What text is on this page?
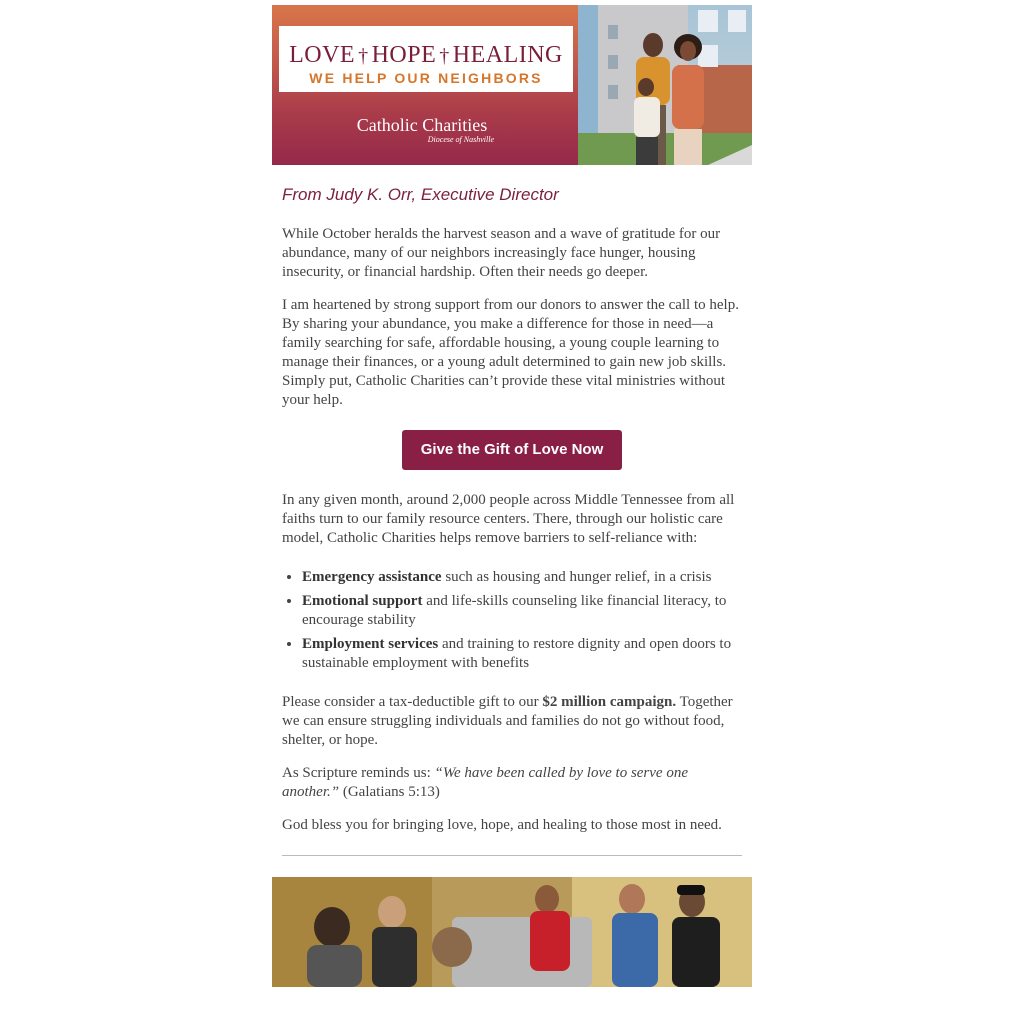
LOVE † HOPE † HEALING
WE HELP OUR NEIGHBORS
Catholic Charities
Diocese of Nashville
From Judy K. Orr, Executive Director

While October heralds the harvest season and a wave of gratitude for our abundance, many of our neighbors increasingly face hunger, housing insecurity, or financial hardship. Often their needs go deeper.

I am heartened by strong support from our donors to answer the call to help. By sharing your abundance, you make a difference for those in need—a family searching for safe, affordable housing, a young couple learning to manage their finances, or a young adult determined to gain new job skills. Simply put, Catholic Charities can’t provide these vital ministries without your help.

Give the Gift of Love Now

In any given month, around 2,000 people across Middle Tennessee from all faiths turn to our family resource centers. There, through our holistic care model, Catholic Charities helps remove barriers to self-reliance with:

• Emergency assistance such as housing and hunger relief, in a crisis
• Emotional support and life-skills counseling like financial literacy, to encourage stability
• Employment services and training to restore dignity and open doors to sustainable employment with benefits

Please consider a tax-deductible gift to our $2 million campaign. Together we can ensure struggling individuals and families do not go without food, shelter, or hope.

As Scripture reminds us: “We have been called by love to serve one another.” (Galatians 5:13)

God bless you for bringing love, hope, and healing to those most in need.
